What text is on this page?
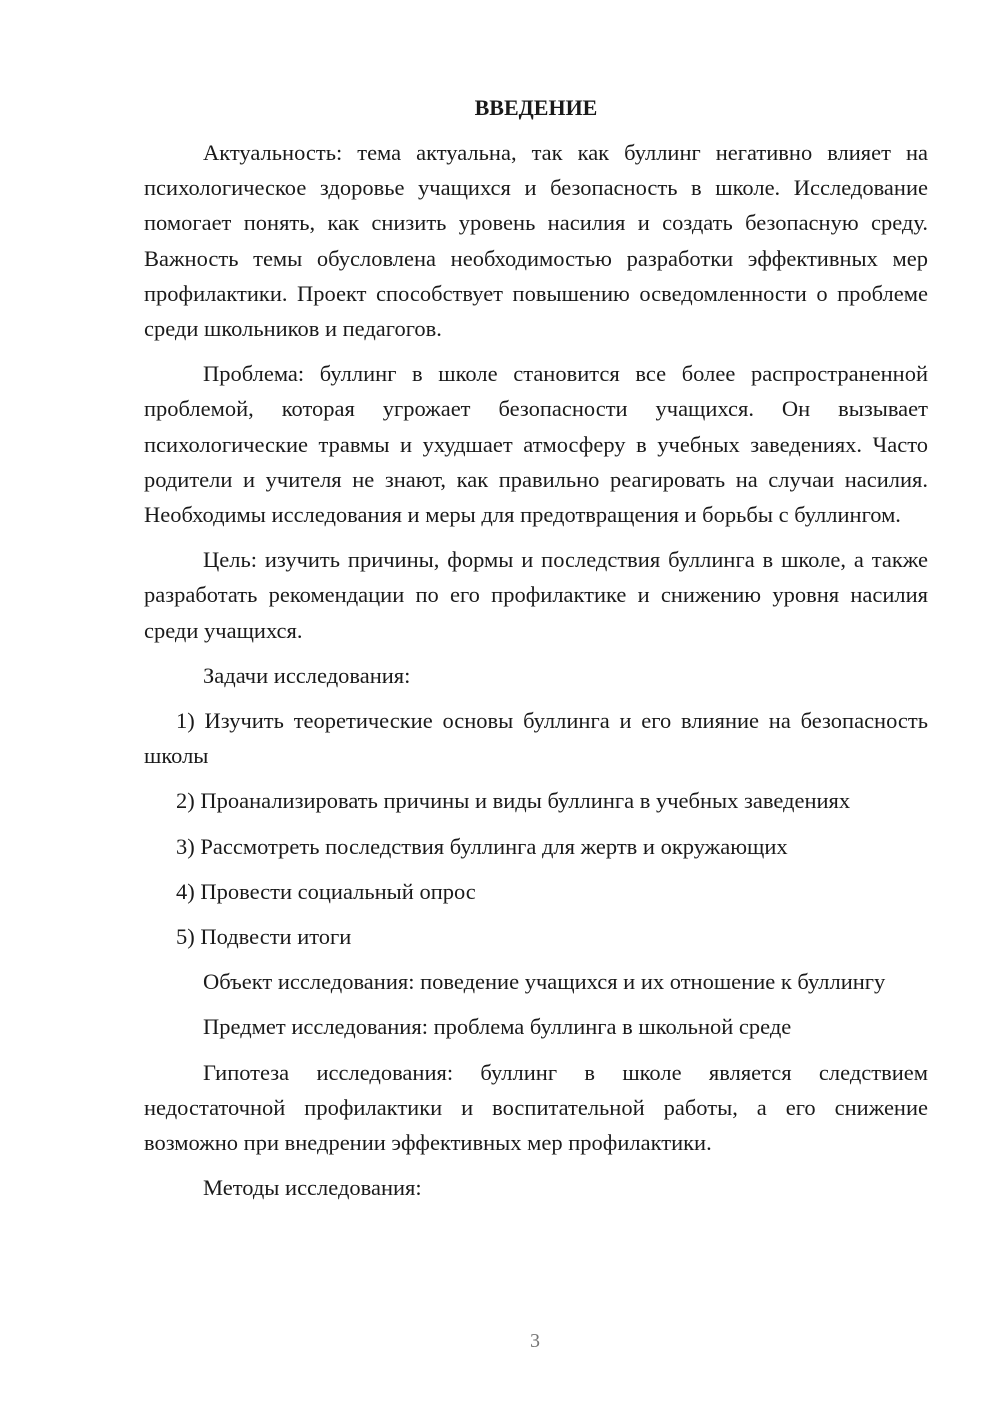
ВВЕДЕНИЕ

Актуальность: тема актуальна, так как буллинг негативно влияет на психологическое здоровье учащихся и безопасность в школе. Исследование помогает понять, как снизить уровень насилия и создать безопасную среду. Важность темы обусловлена необходимостью разработки эффективных мер профилактики. Проект способствует повышению осведомленности о проблеме среди школьников и педагогов.

Проблема: буллинг в школе становится все более распространенной проблемой, которая угрожает безопасности учащихся. Он вызывает психологические травмы и ухудшает атмосферу в учебных заведениях. Часто родители и учителя не знают, как правильно реагировать на случаи насилия. Необходимы исследования и меры для предотвращения и борьбы с буллингом.

Цель: изучить причины, формы и последствия буллинга в школе, а также разработать рекомендации по его профилактике и снижению уровня насилия среди учащихся.

Задачи исследования:

1) Изучить теоретические основы буллинга и его влияние на безопасность школы

2) Проанализировать причины и виды буллинга в учебных заведениях

3) Рассмотреть последствия буллинга для жертв и окружающих

4) Провести социальный опрос

5) Подвести итоги

Объект исследования: поведение учащихся и их отношение к буллингу

Предмет исследования: проблема буллинга в школьной среде

Гипотеза исследования: буллинг в школе является следствием недостаточной профилактики и воспитательной работы, а его снижение возможно при внедрении эффективных мер профилактики.

Методы исследования:

3
